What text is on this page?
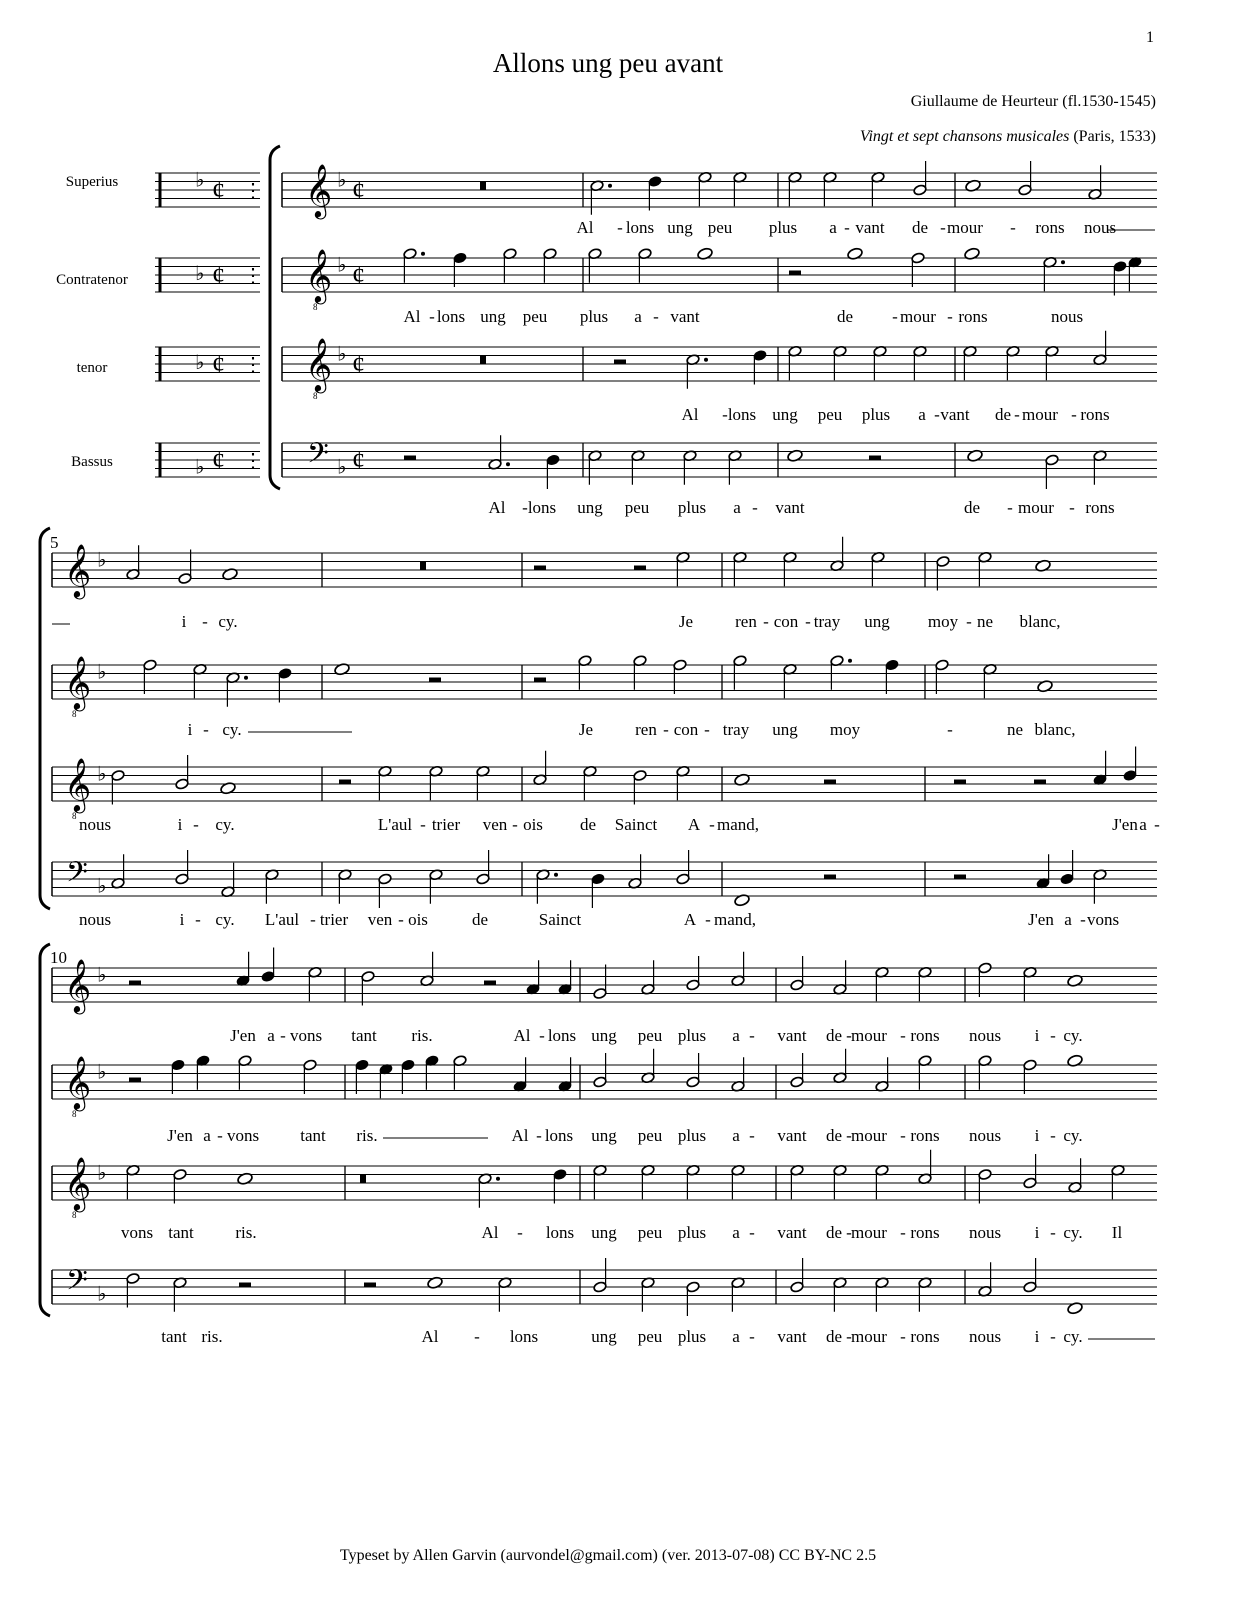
1
Allons ung peu avant
Giullaume de Heurteur (fl.1530-1545)
Vingt et sept chansons musicales (Paris, 1533)
Superius
Contratenor
tenor
Bassus
♭ ¢ ⋮
♭ ¢ ⋮
♭ ¢ ⋮
♭ ¢ ⋮
𝄞 ♭ ¢
𝄞
8
♭ ¢
𝄞
8
♭ ¢
𝄢 ♭ ¢
𝄞 ♭
𝄞
8
♭
𝄞
8
♭
𝄢 ♭
𝄞 ♭
𝄞
8
♭
𝄞
8
♭
𝄢 ♭
5
10
Al - lons ung peu plus a - vant de - mour - rons nous
Al - lons ung peu plus a - vant	de - mour - rons	nous
Al - lons ung peu plus a - vant de - mour - rons
Al - lons ung peu plus a - vant	de - mour - rons
i - cy.	Je ren - con - tray ung moy - ne blanc,
i - cy.	Je ren - con - tray ung moy	-	ne blanc,
nous	i - cy.	L'aul - trier ven - ois de Sainct A - mand,	J'en a -
nous	i - cy. L'aul - trier ven - ois	de	Sainct	A - mand,	J'en a - vons
J'en a - vons tant ris.	Al - lons ung peu plus a - vant de - mour - rons nous i - cy.
J'en a - vons tant ris.	Al - lons ung peu plus a - vant de - mour - rons nous i - cy.
vons tant ris.	Al - lons ung peu plus a - vant de - mour - rons nous i - cy. Il
tant ris.	Al - lons	ung peu plus a - vant de - mour - rons nous i - cy.
Typeset by Allen Garvin (aurvondel@gmail.com) (ver. 2013-07-08) CC BY-NC 2.5
